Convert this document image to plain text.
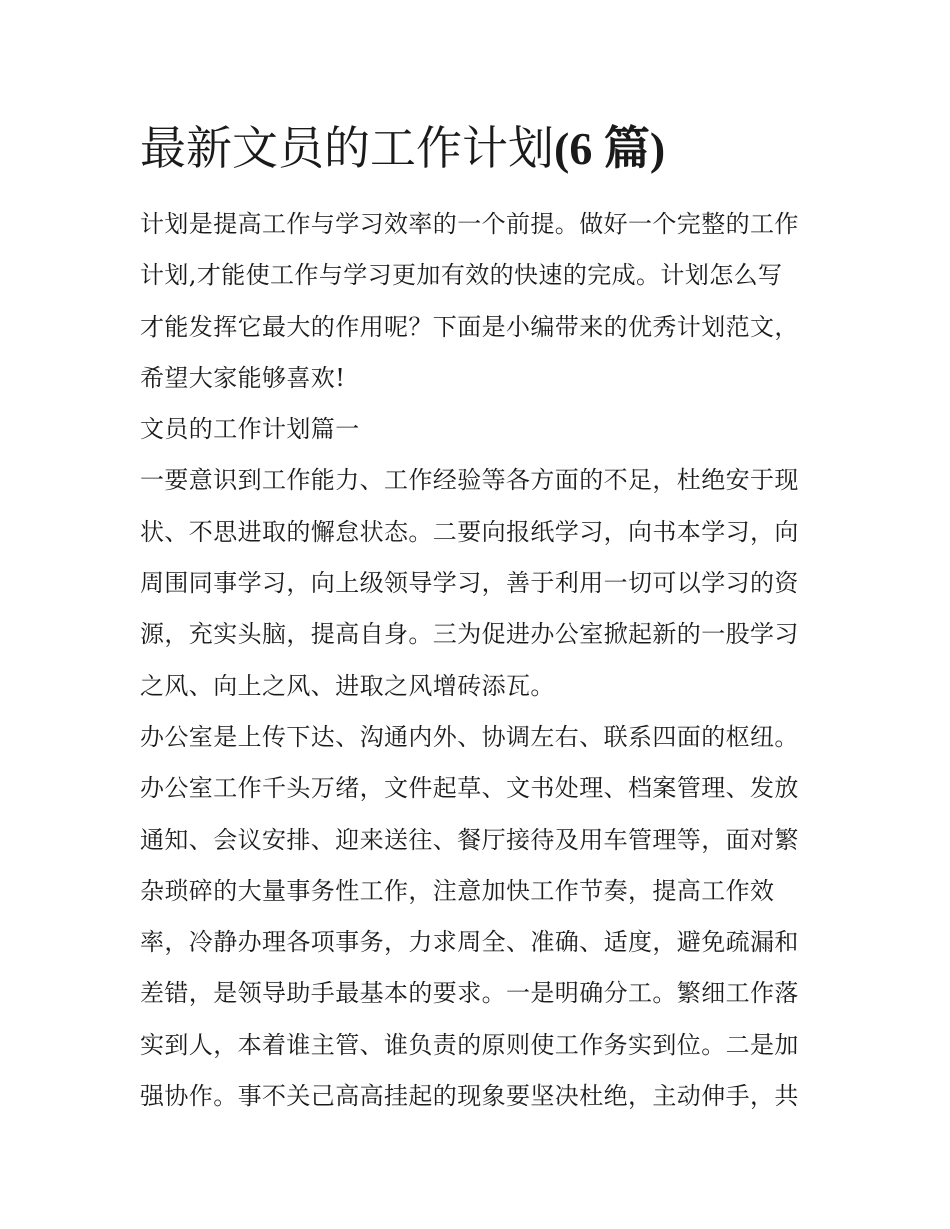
最新文员的工作计划(6 篇)

计划是提高工作与学习效率的一个前提。做好一个完整的工作

计划,才能使工作与学习更加有效的快速的完成。计划怎么写

才能发挥它最大的作用呢？下面是小编带来的优秀计划范文，

希望大家能够喜欢!

文员的工作计划篇一

一要意识到工作能力、工作经验等各方面的不足，杜绝安于现

状、不思进取的懈怠状态。二要向报纸学习，向书本学习，向

周围同事学习，向上级领导学习，善于利用一切可以学习的资

源，充实头脑，提高自身。三为促进办公室掀起新的一股学习

之风、向上之风、进取之风增砖添瓦。

办公室是上传下达、沟通内外、协调左右、联系四面的枢纽。

办公室工作千头万绪，文件起草、文书处理、档案管理、发放

通知、会议安排、迎来送往、餐厅接待及用车管理等，面对繁

杂琐碎的大量事务性工作，注意加快工作节奏，提高工作效

率，冷静办理各项事务，力求周全、准确、适度，避免疏漏和

差错，是领导助手最基本的要求。一是明确分工。繁细工作落

实到人，本着谁主管、谁负责的原则使工作务实到位。二是加

强协作。事不关己高高挂起的现象要坚决杜绝，主动伸手，共
